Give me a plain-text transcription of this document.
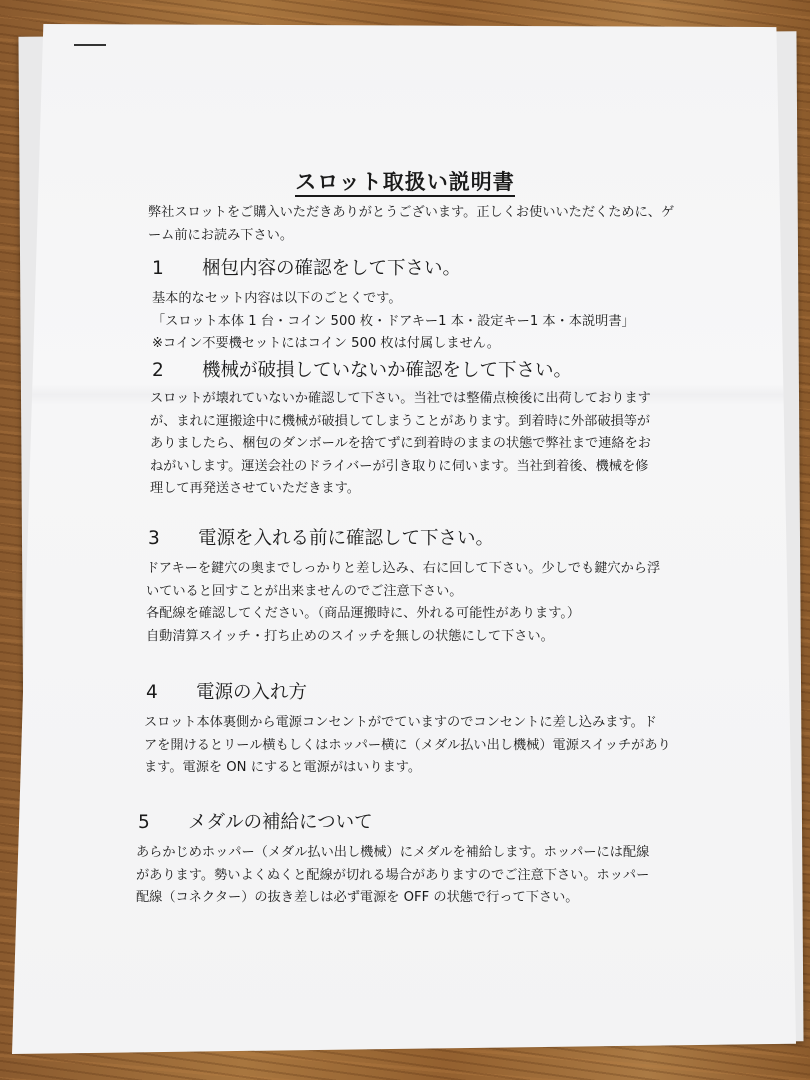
スロット取扱い説明書

弊社スロットをご購入いただきありがとうございます。正しくお使いいただくために、ゲ
ーム前にお読み下さい。

1 梱包内容の確認をして下さい。

基本的なセット内容は以下のごとくです。
「スロット本体 1 台・コイン 500 枚・ドアキー1 本・設定キー1 本・本説明書」
※コイン不要機セットにはコイン 500 枚は付属しません。

2 機械が破損していないか確認をして下さい。

スロットが壊れていないか確認して下さい。当社では整備点検後に出荷しております
が、まれに運搬途中に機械が破損してしまうことがあります。到着時に外部破損等が
ありましたら、梱包のダンボールを捨てずに到着時のままの状態で弊社まで連絡をお
ねがいします。運送会社のドライバーが引き取りに伺います。当社到着後、機械を修
理して再発送させていただきます。

3 電源を入れる前に確認して下さい。

ドアキーを鍵穴の奥までしっかりと差し込み、右に回して下さい。少しでも鍵穴から浮
いていると回すことが出来ませんのでご注意下さい。
各配線を確認してください。（商品運搬時に、外れる可能性があります。）
自動清算スイッチ・打ち止めのスイッチを無しの状態にして下さい。

4 電源の入れ方

スロット本体裏側から電源コンセントがでていますのでコンセントに差し込みます。ド
アを開けるとリール横もしくはホッパー横に（メダル払い出し機械）電源スイッチがあり
ます。電源を ON にすると電源がはいります。

5 メダルの補給について

あらかじめホッパー（メダル払い出し機械）にメダルを補給します。ホッパーには配線
があります。勢いよくぬくと配線が切れる場合がありますのでご注意下さい。ホッパー
配線（コネクター）の抜き差しは必ず電源を OFF の状態で行って下さい。
